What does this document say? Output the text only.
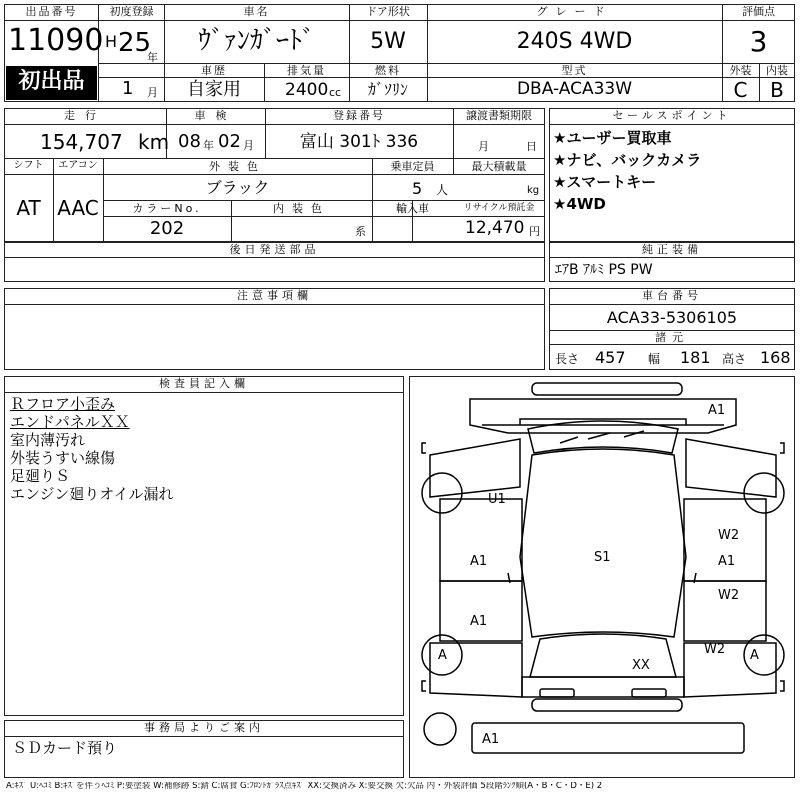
出品番号
11090
初出品
初度登録
H 25
年
1 月
車名
ｳﾞｧﾝｶﾞｰﾄﾞ
ドア形状
5W
グレード
240S 4WD
評価点
3
車歴
自家用
排気量
2400 cc
燃料
ｶﾞｿﾘﾝ
型式
DBA-ACA33W
外装	内装
C	B
走行
154,707 km
車検
08 年 02 月
登録番号
富山 301ﾄ 336
譲渡書類期限
月	日
シフト
AT
エアコン
AAC
外装色
ブラック
乗車定員
5 人
最大積載量
kg
カラーNo.
202
内装色
系
輸入車	リサイクル預託金
12,470 円
後日発送部品
注意事項欄
セールスポイント
★ユーザー買取車
★ナビ、バックカメラ
★スマートキー
★4WD
純正装備
ｴｱB ｱﾙﾐ PS PW
車台番号
ACA33-5306105
諸元
長さ 457 幅 181 高さ 168
検査員記入欄
Ｒフロア小歪み
エンドパネルＸＸ
室内薄汚れ
外装うすい線傷
足廻りＳ
エンジン廻りオイル漏れ
事務局よりご案内
ＳＤカード預り
A1
U1
A1
A1
S1
W2
A1
W2
W2
A	A
XX
A1
A:ｷｽﾞ U:ﾍｺﾐ B:ｷｽﾞを伴うﾍｺﾐ P:要塗装 W:補修跡 S:錆 C:腐食 G:ﾌﾛﾝﾄｶﾞﾗｽ点ｷｽﾞ XX:交換済み X:要交換 欠:欠品 内・外装評価 5段階ﾗﾝｸ順(A・B・C・D・E) 2
